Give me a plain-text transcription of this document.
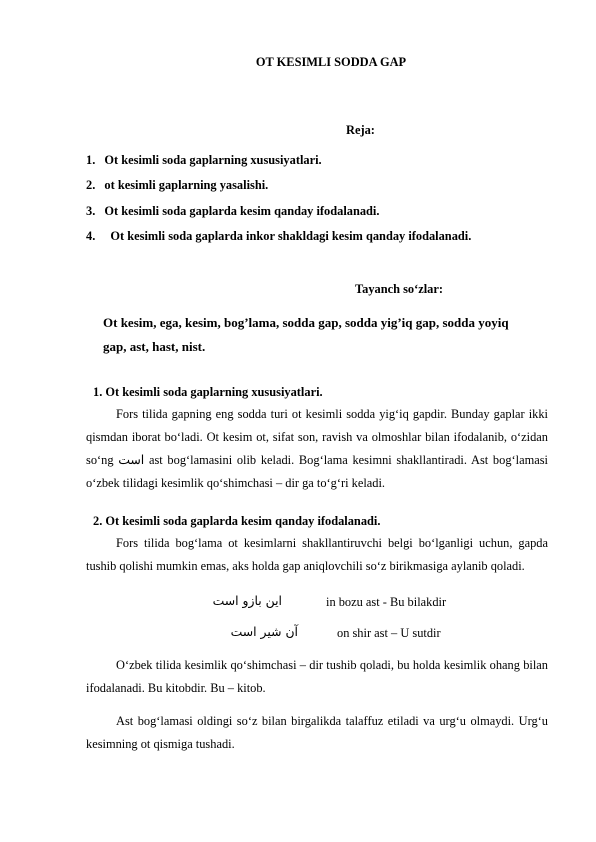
OT KESIMLI SODDA GAP
Reja:
1. Ot kesimli soda gaplarning xususiyatlari.
2. ot kesimli gaplarning yasalishi.
3. Ot kesimli soda gaplarda kesim qanday ifodalanadi.
4. Ot kesimli soda gaplarda inkor shakldagi kesim qanday ifodalanadi.
Tayanch so‘zlar:
Ot kesim, ega, kesim, bog’lama, sodda gap, sodda yig’iq gap, sodda yoyiq
gap, ast, hast, nist.
1. Ot kesimli soda gaplarning xususiyatlari.
Fors tilida gapning eng sodda turi ot kesimli sodda yig‘iq gapdir. Bunday gaplar ikki qismdan iborat bo‘ladi. Ot kesim ot, sifat son, ravish va olmoshlar bilan ifodalanib, o‘zidan so‘ng است ast bog‘lamasini olib keladi. Bog‘lama kesimni shakllantiradi. Ast bog‘lamasi o‘zbek tilidagi kesimlik qo‘shimchasi – dir ga to‘g‘ri keladi.
2. Ot kesimli soda gaplarda kesim qanday ifodalanadi.
Fors tilida bog‘lama ot kesimlarni shakllantiruvchi belgi bo‘lganligi uchun, gapda tushib qolishi mumkin emas, aks holda gap aniqlovchili so‘z birikmasiga aylanib qoladi.
این بازو است	in bozu ast - Bu bilakdir
آن شیر است	on shir ast – U sutdir
O‘zbek tilida kesimlik qo‘shimchasi – dir tushib qoladi, bu holda kesimlik ohang bilan ifodalanadi. Bu kitobdir. Bu – kitob.
Ast bog‘lamasi oldingi so‘z bilan birgalikda talaffuz etiladi va urg‘u olmaydi. Urg‘u kesimning ot qismiga tushadi.
